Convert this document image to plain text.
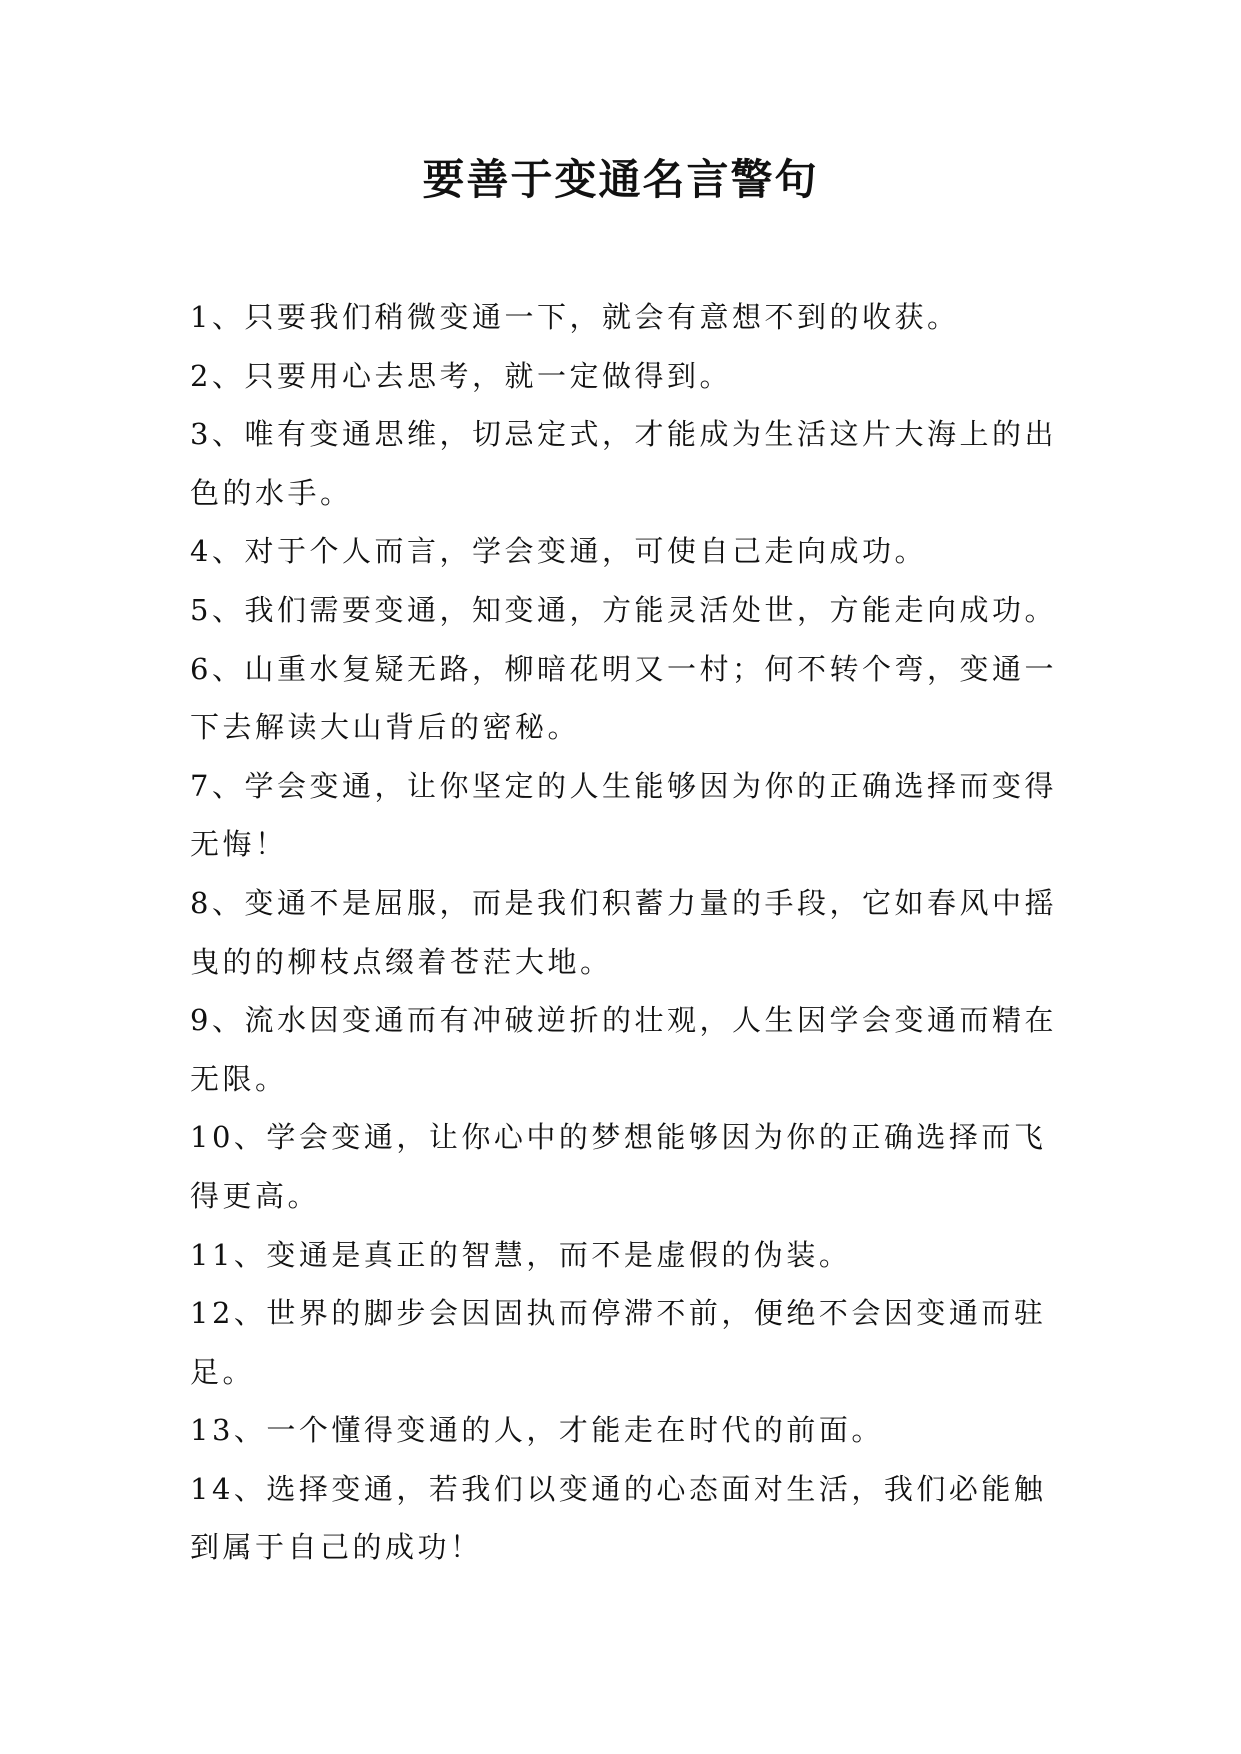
要善于变通名言警句
1、只要我们稍微变通一下，就会有意想不到的收获。
2、只要用心去思考，就一定做得到。
3、唯有变通思维，切忌定式，才能成为生活这片大海上的出色的水手。
4、对于个人而言，学会变通，可使自己走向成功。
5、我们需要变通，知变通，方能灵活处世，方能走向成功。
6、山重水复疑无路，柳暗花明又一村；何不转个弯，变通一下去解读大山背后的密秘。
7、学会变通，让你坚定的人生能够因为你的正确选择而变得无悔！
8、变通不是屈服，而是我们积蓄力量的手段，它如春风中摇曳的的柳枝点缀着苍茫大地。
9、流水因变通而有冲破逆折的壮观，人生因学会变通而精在无限。
10、学会变通，让你心中的梦想能够因为你的正确选择而飞得更高。
11、变通是真正的智慧，而不是虚假的伪装。
12、世界的脚步会因固执而停滞不前，便绝不会因变通而驻足。
13、一个懂得变通的人，才能走在时代的前面。
14、选择变通，若我们以变通的心态面对生活，我们必能触到属于自己的成功！
